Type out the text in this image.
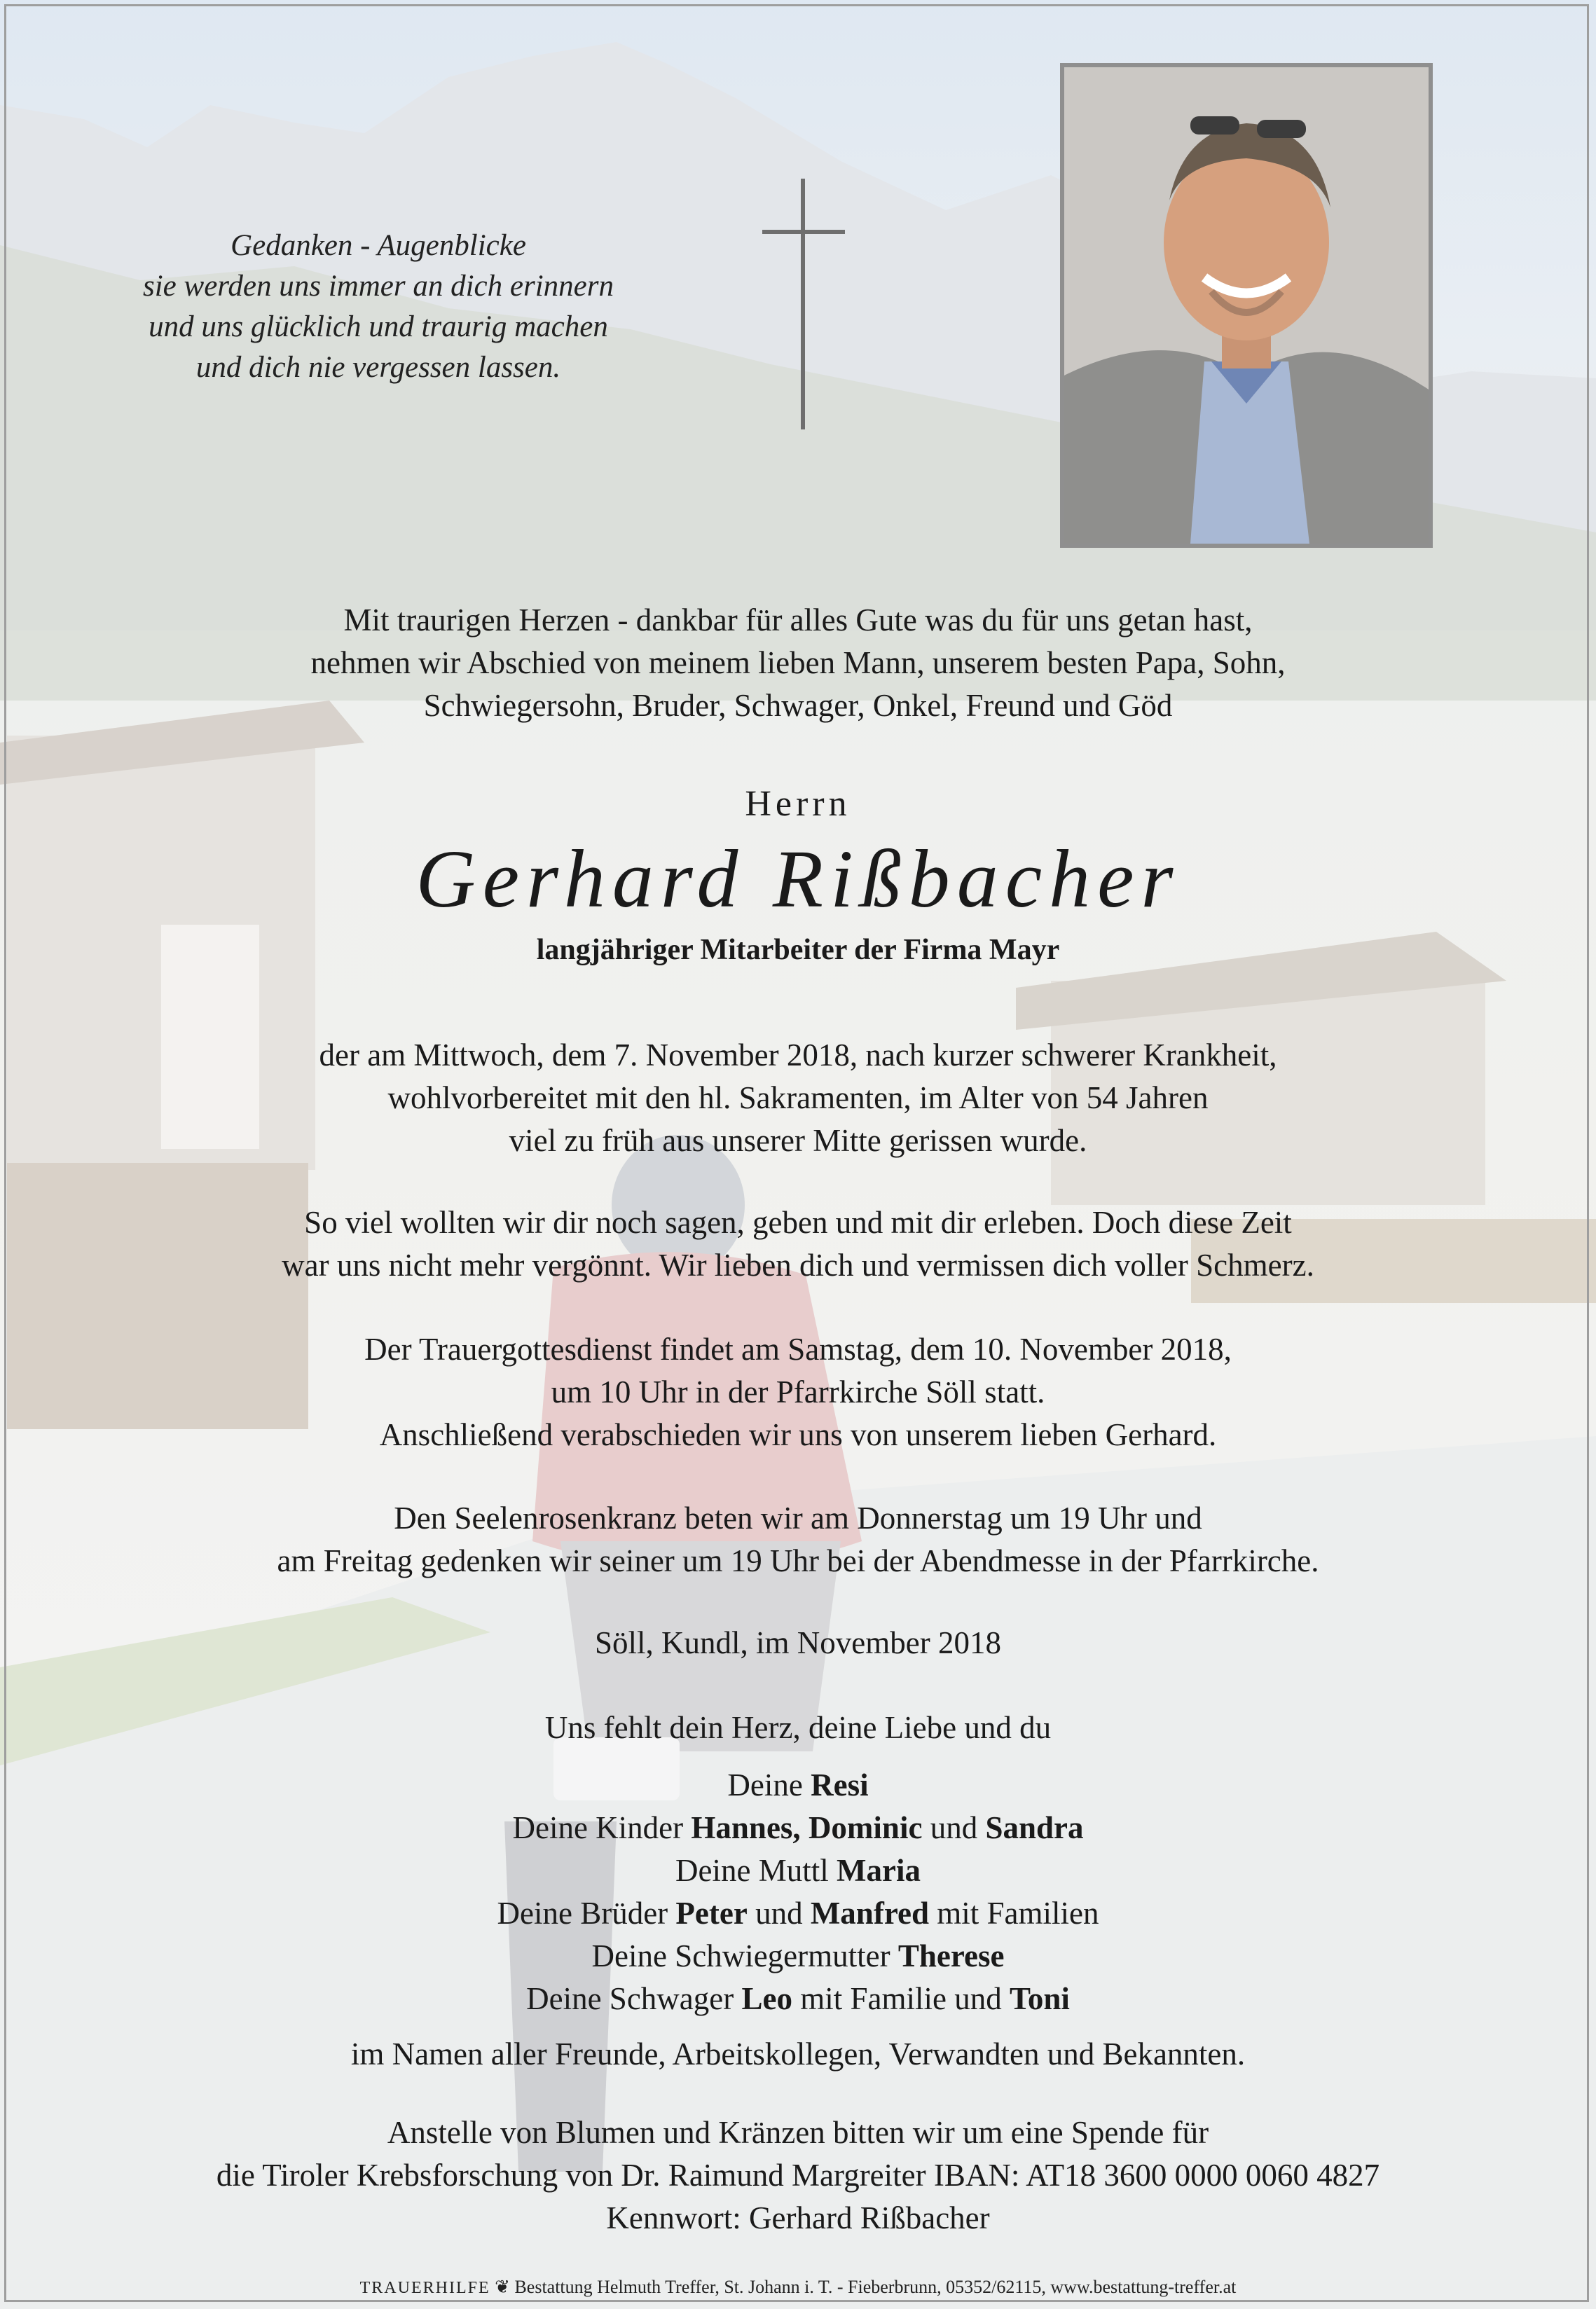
Gedanken - Augenblicke
sie werden uns immer an dich erinnern
und uns glücklich und traurig machen
und dich nie vergessen lassen.
Mit traurigen Herzen - dankbar für alles Gute was du für uns getan hast,
nehmen wir Abschied von meinem lieben Mann, unserem besten Papa, Sohn,
Schwiegersohn, Bruder, Schwager, Onkel, Freund und Göd
Herrn
Gerhard Rißbacher
langjähriger Mitarbeiter der Firma Mayr
der am Mittwoch, dem 7. November 2018, nach kurzer schwerer Krankheit,
wohlvorbereitet mit den hl. Sakramenten, im Alter von 54 Jahren
viel zu früh aus unserer Mitte gerissen wurde.
So viel wollten wir dir noch sagen, geben und mit dir erleben. Doch diese Zeit
war uns nicht mehr vergönnt. Wir lieben dich und vermissen dich voller Schmerz.
Der Trauergottesdienst findet am Samstag, dem 10. November 2018,
um 10 Uhr in der Pfarrkirche Söll statt.
Anschließend verabschieden wir uns von unserem lieben Gerhard.
Den Seelenrosenkranz beten wir am Donnerstag um 19 Uhr und
am Freitag gedenken wir seiner um 19 Uhr bei der Abendmesse in der Pfarrkirche.
Söll, Kundl, im November 2018
Uns fehlt dein Herz, deine Liebe und du
Deine Resi
Deine Kinder Hannes, Dominic und Sandra
Deine Muttl Maria
Deine Brüder Peter und Manfred mit Familien
Deine Schwiegermutter Therese
Deine Schwager Leo mit Familie und Toni
im Namen aller Freunde, Arbeitskollegen, Verwandten und Bekannten.
Anstelle von Blumen und Kränzen bitten wir um eine Spende für
die Tiroler Krebsforschung von Dr. Raimund Margreiter IBAN: AT18 3600 0000 0060 4827
Kennwort: Gerhard Rißbacher
TRAUERHILFE ❦ Bestattung Helmuth Treffer, St. Johann i. T. - Fieberbrunn, 05352/62115, www.bestattung-treffer.at
